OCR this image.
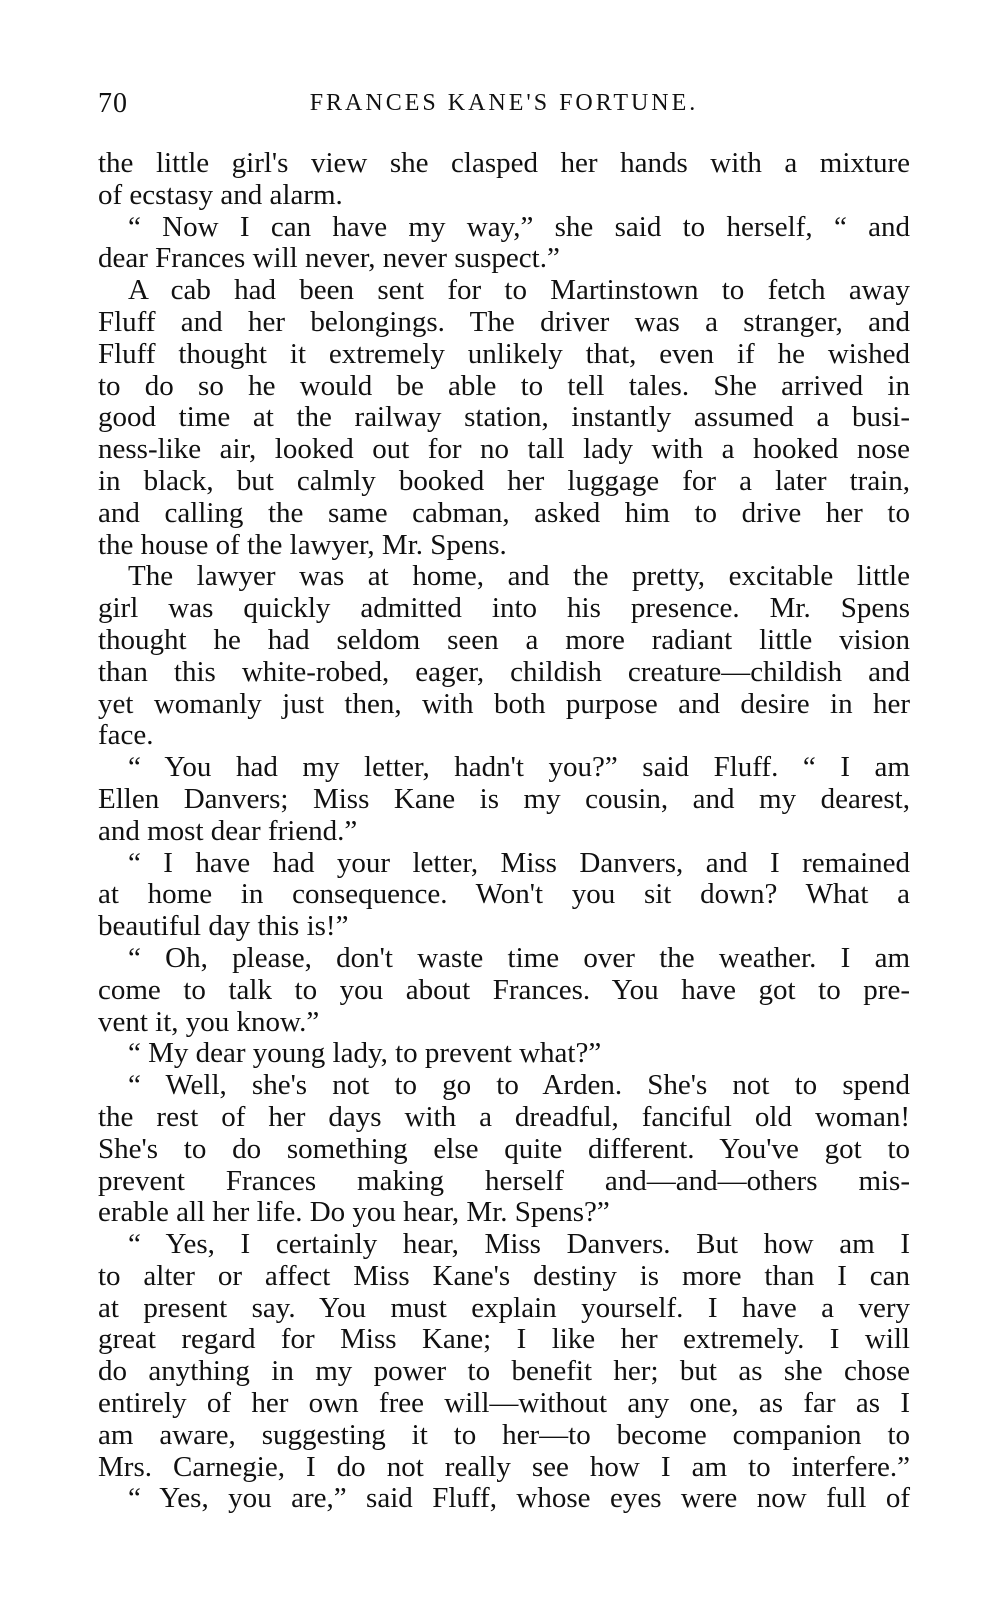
70	FRANCES KANE'S FORTUNE.
the little girl's view she clasped her hands with a mixture
of ecstasy and alarm.
“ Now I can have my way,” she said to herself, “ and
dear Frances will never, never suspect.”
A cab had been sent for to Martinstown to fetch away
Fluff and her belongings. The driver was a stranger, and
Fluff thought it extremely unlikely that, even if he wished
to do so he would be able to tell tales. She arrived in
good time at the railway station, instantly assumed a busi-
ness-like air, looked out for no tall lady with a hooked nose
in black, but calmly booked her luggage for a later train,
and calling the same cabman, asked him to drive her to
the house of the lawyer, Mr. Spens.
The lawyer was at home, and the pretty, excitable little
girl was quickly admitted into his presence. Mr. Spens
thought he had seldom seen a more radiant little vision
than this white-robed, eager, childish creature—childish and
yet womanly just then, with both purpose and desire in her
face.
“ You had my letter, hadn't you?” said Fluff. “ I am
Ellen Danvers; Miss Kane is my cousin, and my dearest,
and most dear friend.”
“ I have had your letter, Miss Danvers, and I remained
at home in consequence. Won't you sit down? What a
beautiful day this is!”
“ Oh, please, don't waste time over the weather. I am
come to talk to you about Frances. You have got to pre-
vent it, you know.”
“ My dear young lady, to prevent what?”
“ Well, she's not to go to Arden. She's not to spend
the rest of her days with a dreadful, fanciful old woman!
She's to do something else quite different. You've got to
prevent Frances making herself and—and—others mis-
erable all her life. Do you hear, Mr. Spens?”
“ Yes, I certainly hear, Miss Danvers. But how am I
to alter or affect Miss Kane's destiny is more than I can
at present say. You must explain yourself. I have a very
great regard for Miss Kane; I like her extremely. I will
do anything in my power to benefit her; but as she chose
entirely of her own free will—without any one, as far as I
am aware, suggesting it to her—to become companion to
Mrs. Carnegie, I do not really see how I am to interfere.”
“ Yes, you are,” said Fluff, whose eyes were now full of
